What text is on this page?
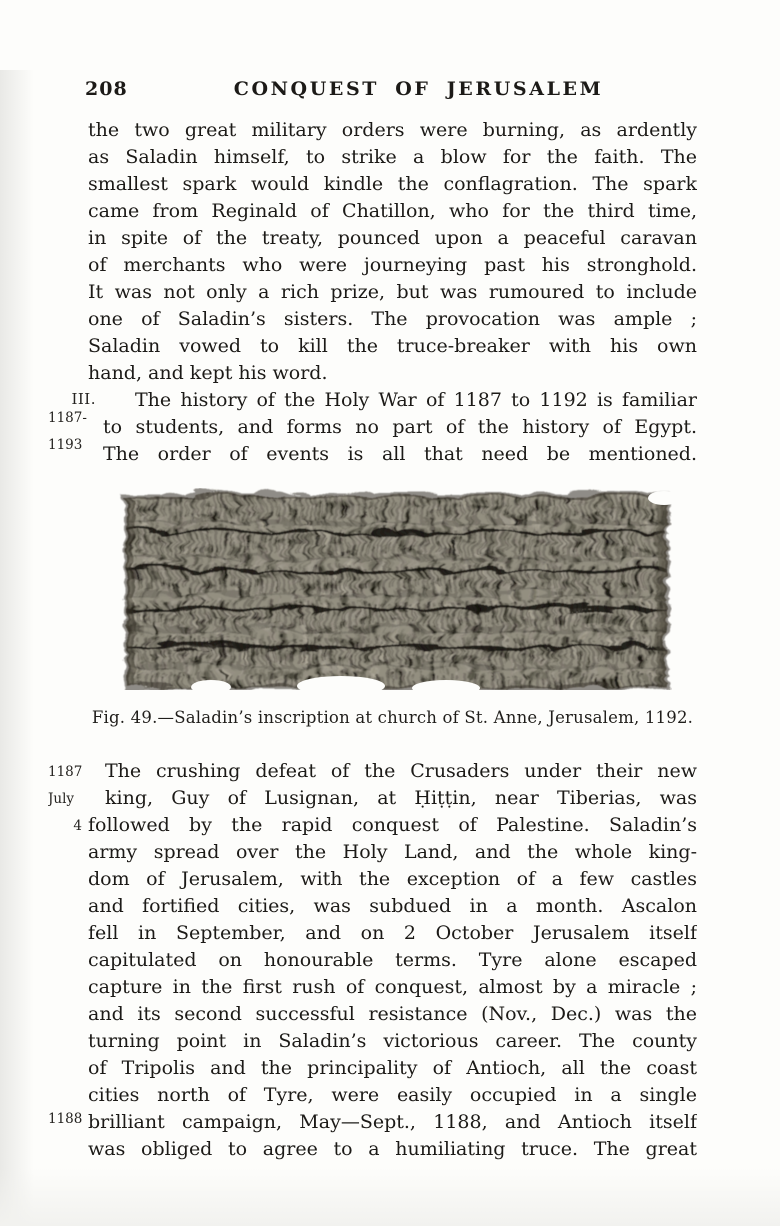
208	CONQUEST OF JERUSALEM
the two great military orders were burning, as ardently
as Saladin himself, to strike a blow for the faith. The
smallest spark would kindle the conflagration. The spark
came from Reginald of Chatillon, who for the third time,
in spite of the treaty, pounced upon a peaceful caravan
of merchants who were journeying past his stronghold.
It was not only a rich prize, but was rumoured to include
one of Saladin’s sisters. The provocation was ample ;
Saladin vowed to kill the truce-breaker with his own
hand, and kept his word.
III.
1187-
1193
The history of the Holy War of 1187 to 1192 is familiar
to students, and forms no part of the history of Egypt.
The order of events is all that need be mentioned.
Fig. 49.—Saladin’s inscription at church of St. Anne, Jerusalem, 1192.
1187
July
4
The crushing defeat of the Crusaders under their new
king, Guy of Lusignan, at Ḥiṭṭin, near Tiberias, was
followed by the rapid conquest of Palestine. Saladin’s
army spread over the Holy Land, and the whole king-
dom of Jerusalem, with the exception of a few castles
and fortified cities, was subdued in a month. Ascalon
fell in September, and on 2 October Jerusalem itself
capitulated on honourable terms. Tyre alone escaped
capture in the first rush of conquest, almost by a miracle ;
and its second successful resistance (Nov., Dec.) was the
turning point in Saladin’s victorious career. The county
of Tripolis and the principality of Antioch, all the coast
cities north of Tyre, were easily occupied in a single
brilliant campaign, May—Sept., 1188, and Antioch itself
was obliged to agree to a humiliating truce. The great
1188
